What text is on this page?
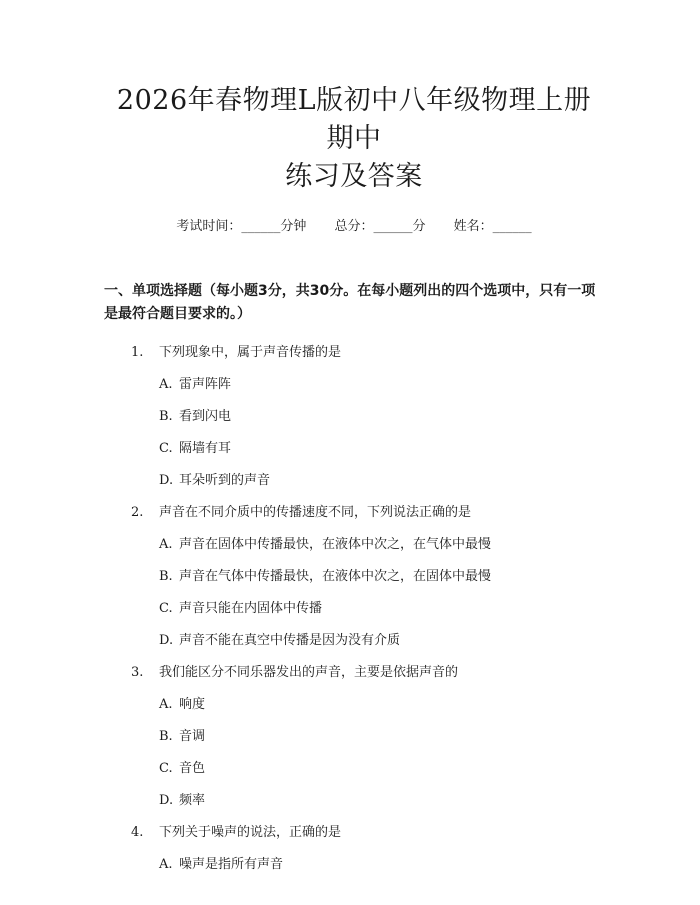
2026年春物理L版初中八年级物理上册期中
练习及答案
考试时间：______分钟 总分：______分 姓名：______
一、单项选择题（每小题3分，共30分。在每小题列出的四个选项中，只有一项是最符合题目要求的。）
1.	下列现象中，属于声音传播的是
A. 雷声阵阵
B. 看到闪电
C. 隔墙有耳
D. 耳朵听到的声音
2.	声音在不同介质中的传播速度不同，下列说法正确的是
A. 声音在固体中传播最快，在液体中次之，在气体中最慢
B. 声音在气体中传播最快，在液体中次之，在固体中最慢
C. 声音只能在内固体中传播
D. 声音不能在真空中传播是因为没有介质
3.	我们能区分不同乐器发出的声音，主要是依据声音的
A. 响度
B. 音调
C. 音色
D. 频率
4.	下列关于噪声的说法，正确的是
A. 噪声是指所有声音
